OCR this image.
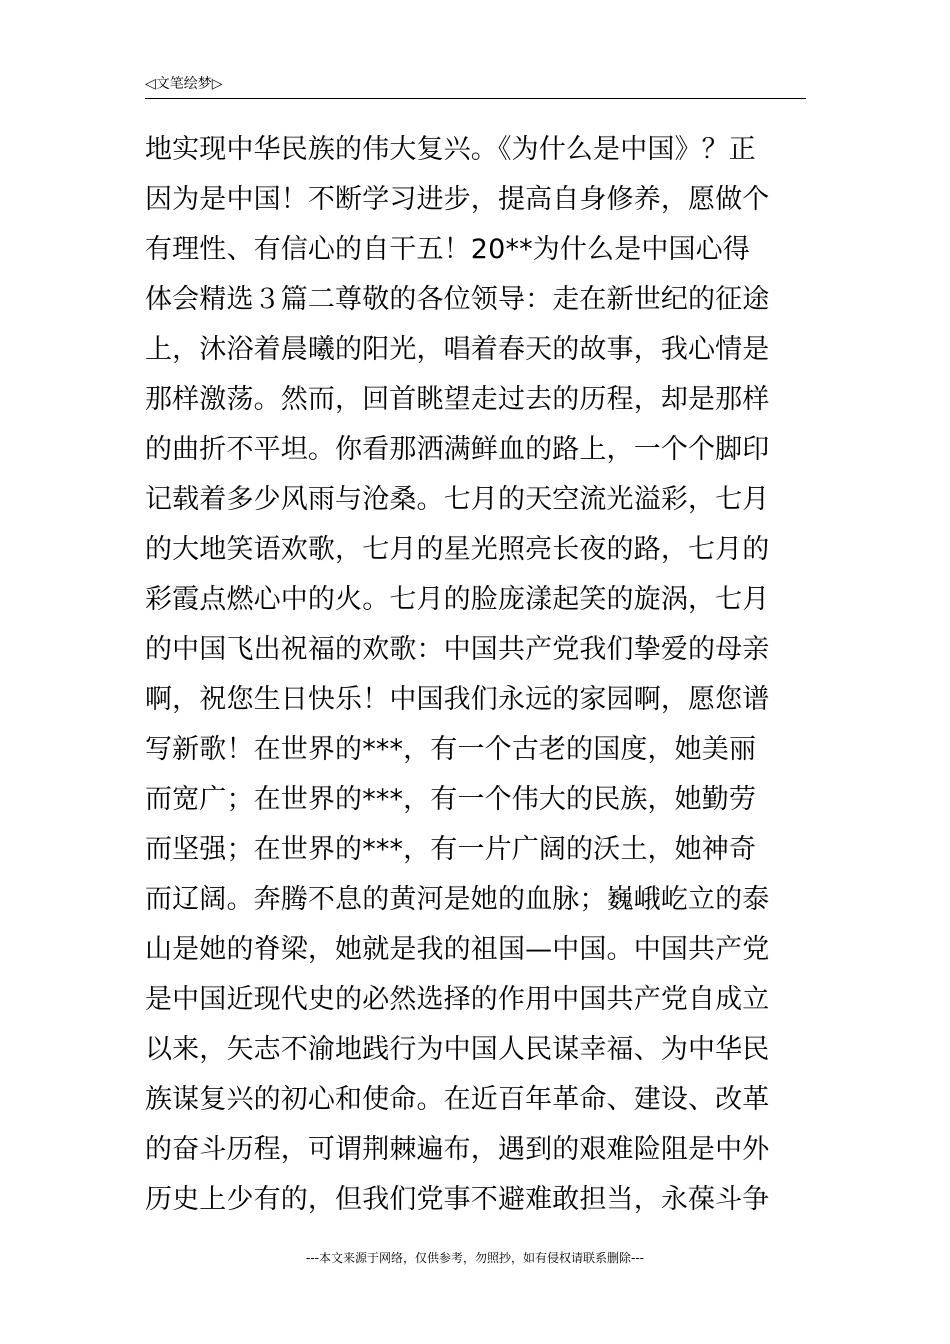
◁文笔绘梦▷
地实现中华民族的伟大复兴。《为什么是中国》？正
因为是中国！不断学习进步，提高自身修养，愿做个
有理性、有信心的自干五！20**为什么是中国心得
体会精选３篇二尊敬的各位领导：走在新世纪的征途
上，沐浴着晨曦的阳光，唱着春天的故事，我心情是
那样激荡。然而，回首眺望走过去的历程，却是那样
的曲折不平坦。你看那洒满鲜血的路上，一个个脚印
记载着多少风雨与沧桑。七月的天空流光溢彩，七月
的大地笑语欢歌，七月的星光照亮长夜的路，七月的
彩霞点燃心中的火。七月的脸庞漾起笑的旋涡，七月
的中国飞出祝福的欢歌：中国共产党我们挚爱的母亲
啊，祝您生日快乐！中国我们永远的家园啊，愿您谱
写新歌！在世界的***，有一个古老的国度，她美丽
而宽广；在世界的***，有一个伟大的民族，她勤劳
而坚强；在世界的***，有一片广阔的沃土，她神奇
而辽阔。奔腾不息的黄河是她的血脉；巍峨屹立的泰
山是她的脊梁，她就是我的祖国—中国。中国共产党
是中国近现代史的必然选择的作用中国共产党自成立
以来，矢志不渝地践行为中国人民谋幸福、为中华民
族谋复兴的初心和使命。在近百年革命、建设、改革
的奋斗历程，可谓荆棘遍布，遇到的艰难险阻是中外
历史上少有的，但我们党事不避难敢担当，永葆斗争
---本文来源于网络，仅供参考，勿照抄，如有侵权请联系删除---
